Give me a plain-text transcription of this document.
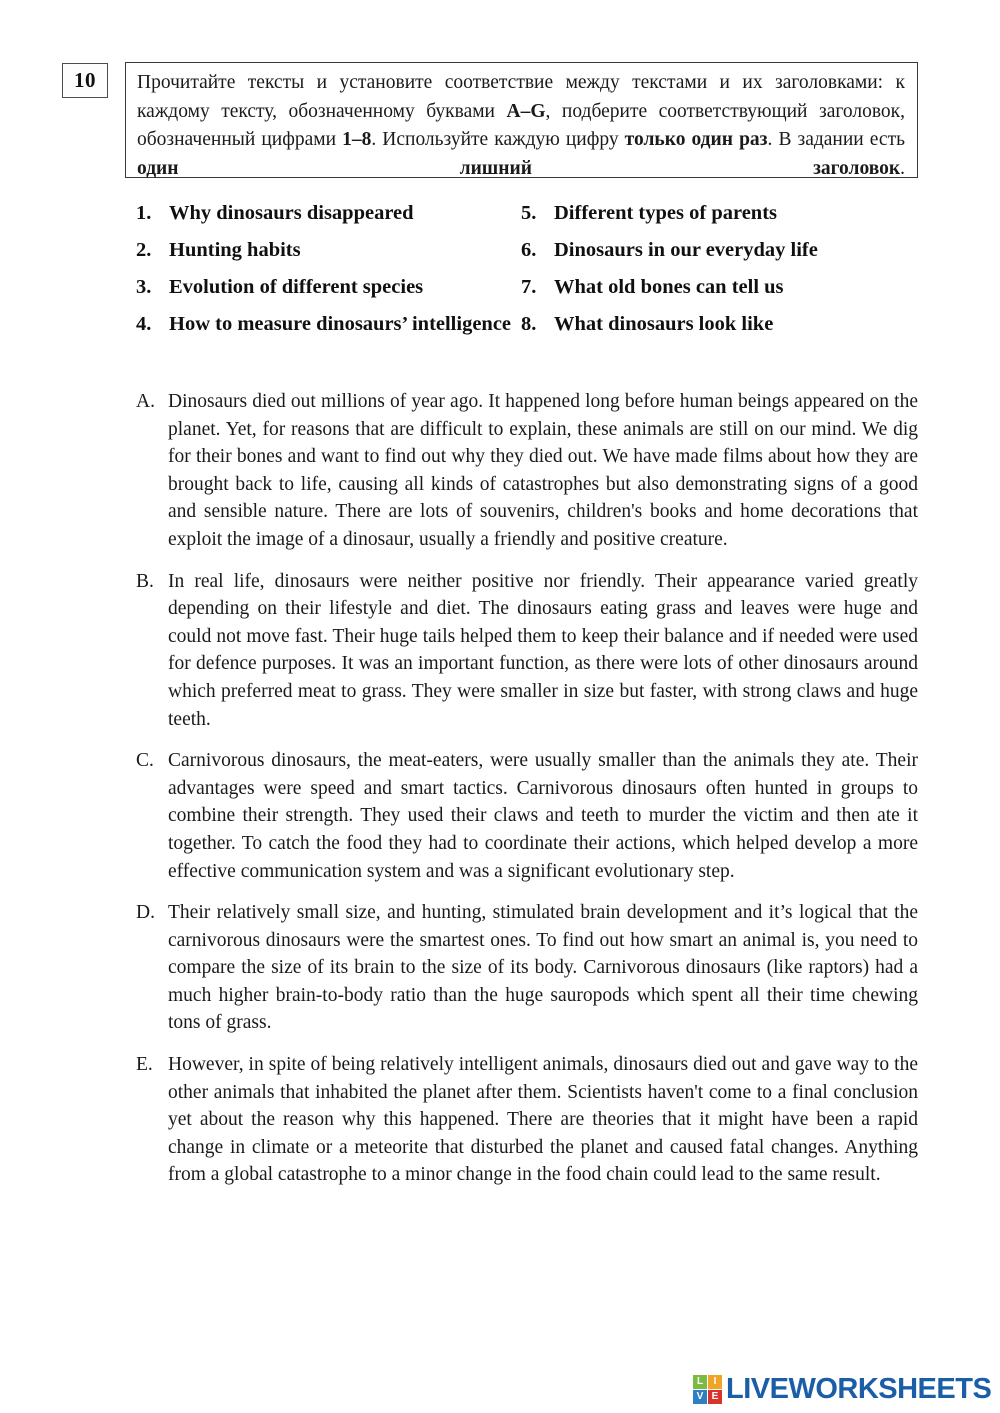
10	Прочитайте тексты и установите соответствие между текстами и их заголовками: к каждому тексту, обозначенному буквами A–G, подберите соответствующий заголовок, обозначенный цифрами 1–8. Используйте каждую цифру только один раз. В задании есть один лишний заголовок.
1. Why dinosaurs disappeared
2. Hunting habits
3. Evolution of different species
4. How to measure dinosaurs’ intelligence
5. Different types of parents
6. Dinosaurs in our everyday life
7. What old bones can tell us
8. What dinosaurs look like
A. Dinosaurs died out millions of year ago. It happened long before human beings appeared on the planet. Yet, for reasons that are difficult to explain, these animals are still on our mind. We dig for their bones and want to find out why they died out. We have made films about how they are brought back to life, causing all kinds of catastrophes but also demonstrating signs of a good and sensible nature. There are lots of souvenirs, children's books and home decorations that exploit the image of a dinosaur, usually a friendly and positive creature.
B. In real life, dinosaurs were neither positive nor friendly. Their appearance varied greatly depending on their lifestyle and diet. The dinosaurs eating grass and leaves were huge and could not move fast. Their huge tails helped them to keep their balance and if needed were used for defence purposes. It was an important function, as there were lots of other dinosaurs around which preferred meat to grass. They were smaller in size but faster, with strong claws and huge teeth.
C. Carnivorous dinosaurs, the meat-eaters, were usually smaller than the animals they ate. Their advantages were speed and smart tactics. Carnivorous dinosaurs often hunted in groups to combine their strength. They used their claws and teeth to murder the victim and then ate it together. To catch the food they had to coordinate their actions, which helped develop a more effective communication system and was a significant evolutionary step.
D. Their relatively small size, and hunting, stimulated brain development and it’s logical that the carnivorous dinosaurs were the smartest ones. To find out how smart an animal is, you need to compare the size of its brain to the size of its body. Carnivorous dinosaurs (like raptors) had a much higher brain-to-body ratio than the huge sauropods which spent all their time chewing tons of grass.
E. However, in spite of being relatively intelligent animals, dinosaurs died out and gave way to the other animals that inhabited the planet after them. Scientists haven't come to a final conclusion yet about the reason why this happened. There are theories that it might have been a rapid change in climate or a meteorite that disturbed the planet and caused fatal changes. Anything from a global catastrophe to a minor change in the food chain could lead to the same result.
L	I
V E LIVEWORKSHEETS
